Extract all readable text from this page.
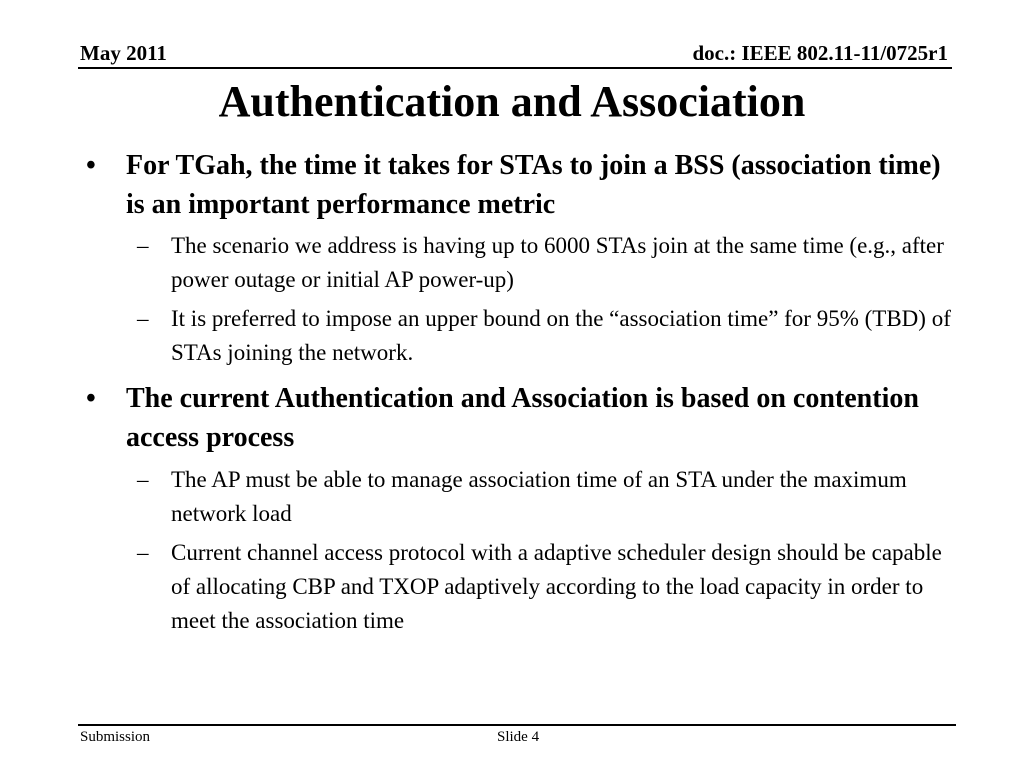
May 2011	doc.: IEEE 802.11-11/0725r1
Authentication and Association
• For TGah, the time it takes for STAs to join a BSS (association time) is an important performance metric
– The scenario we address is having up to 6000 STAs join at the same time (e.g., after power outage or initial AP power-up)
– It is preferred to impose an upper bound on the “association time” for 95% (TBD) of STAs joining the network.
• The current Authentication and Association is based on contention access process
– The AP must be able to manage association time of an STA under the maximum network load
– Current channel access protocol with a adaptive scheduler design should be capable of allocating CBP and TXOP adaptively according to the load capacity in order to meet the association time
Submission	Slide 4
